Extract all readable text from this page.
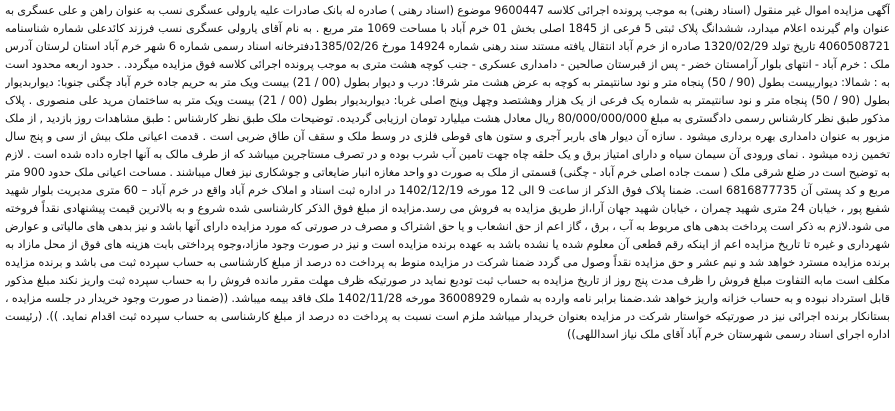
آگهی مزایده اموال غیر منقول (اسناد رهنی) به موجب پرونده اجرائی کلاسه 9600447 موضوع (اسناد رهنی ) صادره له بانک صادرات علیه یارولی عسگری نسب به عنوان راهن و علی عسگری به عنوان وام گیرنده اعلام میدارد، ششدانگ پلاک ثبتی 5 فرعی از 1845 اصلی بخش 01 خرم آباد با مساحت 1069 متر مربع . به نام آقای یارولی عسگری نسب فرزند کائدعلی شماره شناسنامه 4060508721 تاریخ تولد 1320/02/29 صادره از خرم آباد انتقال یافته مستند سند رهنی شماره 14924 مورخ 1385/02/26دفترخانه اسناد رسمی شماره 6 شهر خرم آباد استان لرستان آدرس ملک : خرم آباد - انتهای بلوار آرامستان خضر - پس از قبرستان صالحین - دامداری عسکری - جنب کوچه هشت متری به موجب پرونده اجرائی کلاسه فوق مزایده میگردد. . حدود اربعه محدود است به : شمالا: دیواربیست بطول (90 / 50) پنجاه متر و نود سانتیمتر به کوچه به عرض هشت متر شرقا: درب و دیوار بطول (00 / 21) بیست ویک متر به حریم جاده خرم آباد چگنی جنوبا: دیواربدیوار بطول (90 / 50) پنجاه متر و نود سانتیمتر به شماره یک فرعی از یک هزار وهشتصد وچهل وپنج اصلی غربا: دیواربدیوار بطول (00 / 21) بیست ویک متر به ساختمان مرید علی منصوری . پلاک مذکور طبق نظر کارشناس رسمی دادگستری به مبلغ 80/000/000/000 ریال معادل هشت میلیارد تومان ارزیابی گردیده. توضیحات ملک طبق نظر کارشناس : طبق مشاهدات روز بازدید , از ملک مزبور به عنوان دامداری بهره برداری میشود . سازه آن دیوار های باربر آجری و ستون های قوطی فلزی در وسط ملک و سقف آن طاق ضربی است . قدمت اعیانی ملک بیش از سی و پنج سال تخمین زده میشود . نمای ورودی آن سیمان سیاه و دارای امتیاز برق و یک حلقه چاه جهت تامین آب شرب بوده و در تصرف مستاجرین میباشد که از طرف مالک به آنها اجاره داده شده است . لازم به توضیح است در ضلع شرقی ملک ( سمت جاده اصلی خرم آباد - چگنی) قسمتی از ملک به صورت دو واحد مغازه انبار ضایعاتی و جوشکاری نیز فعال میباشند . مساحت اعیانی ملک حدود 900 متر مربع و کد پستی آن 6816877735 است. ضمنا پلاک فوق الذکر از ساعت 9 الی 12 مورخه 1402/12/19 در اداره ثبت اسناد و املاک خرم آباد واقع در خرم آباد – 60 متری مدیریت بلوار شهید شفیع پور ، خیابان 24 متری شهید چمران ، خیابان شهید جهان آرا،از طریق مزایده به فروش می رسد.مزایده از مبلغ فوق الذکر کارشناسی شده شروع و به بالاترین قیمت پیشنهادی نقداً فروخته می شود.لازم به ذکر است پرداخت بدهی های مربوط به آب ، برق ، گاز اعم از حق انشعاب و یا حق اشتراک و مصرف در صورتی که مورد مزایده دارای آنها باشد و نیز بدهی های مالیاتی و عوارض شهرداری و غیره تا تاریخ مزایده اعم از اینکه رقم قطعی آن معلوم شده یا نشده باشد به عهده برنده مزایده است و نیز در صورت وجود مازاد،وجوه پرداختی بابت هزینه های فوق از محل مازاد به برنده مزایده مسترد خواهد شد و نیم عشر و حق مزایده نقداً وصول می گردد ضمنا شرکت در مزایده منوط به پرداخت ده درصد از مبلغ کارشناسی به حساب سپرده ثبت می باشد و برنده مزایده مکلف است مابه التفاوت مبلغ فروش را ظرف مدت پنج روز از تاریخ مزایده به حساب ثبت تودیع نماید در صورتیکه ظرف مهلت مقرر مانده فروش را به حساب سپرده ثبت واریز نکند مبلغ مذکور قابل استرداد نبوده و به حساب خزانه واریز خواهد شد.ضمنا برابر نامه وارده به شماره 36008929 مورخه 1402/11/28 ملک فاقد بیمه میباشد. ((ضمنا در صورت وجود خریدار در جلسه مزایده ، بستانکار برنده اجرائی نیز در صورتیکه خواستار شرکت در مزایده بعنوان خریدار میباشد ملزم است نسبت به پرداخت ده درصد از مبلغ کارشناسی به حساب سپرده ثبت اقدام نماید. )). (رئیست اداره اجرای اسناد رسمی شهرستان خرم آباد آقای ملک نیاز اسداللهی))
